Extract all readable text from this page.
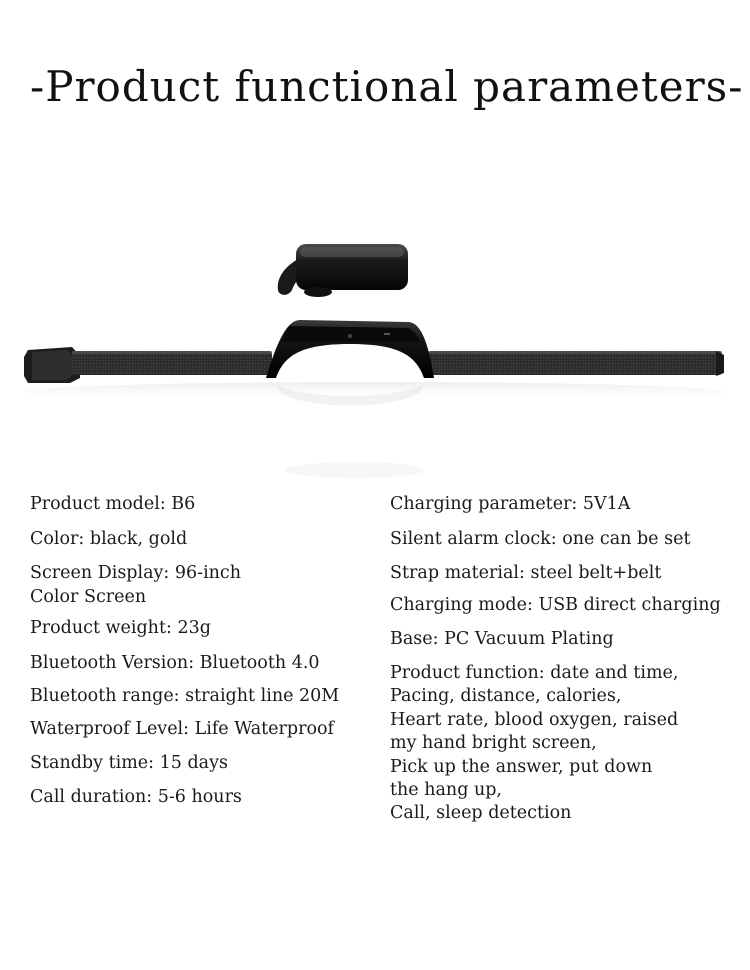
-Product functional parameters-

Product model: B6

Color: black, gold

Screen Display: 96-inch
Color Screen

Product weight: 23g

Bluetooth Version: Bluetooth 4.0

Bluetooth range: straight line 20M

Waterproof Level: Life Waterproof

Standby time: 15 days

Call duration: 5-6 hours

Charging parameter: 5V1A

Silent alarm clock: one can be set

Strap material: steel belt+belt

Charging mode: USB direct charging

Base: PC Vacuum Plating

Product function: date and time,
Pacing, distance, calories,
Heart rate, blood oxygen, raised
my hand bright screen,
Pick up the answer, put down
the hang up,
Call, sleep detection
